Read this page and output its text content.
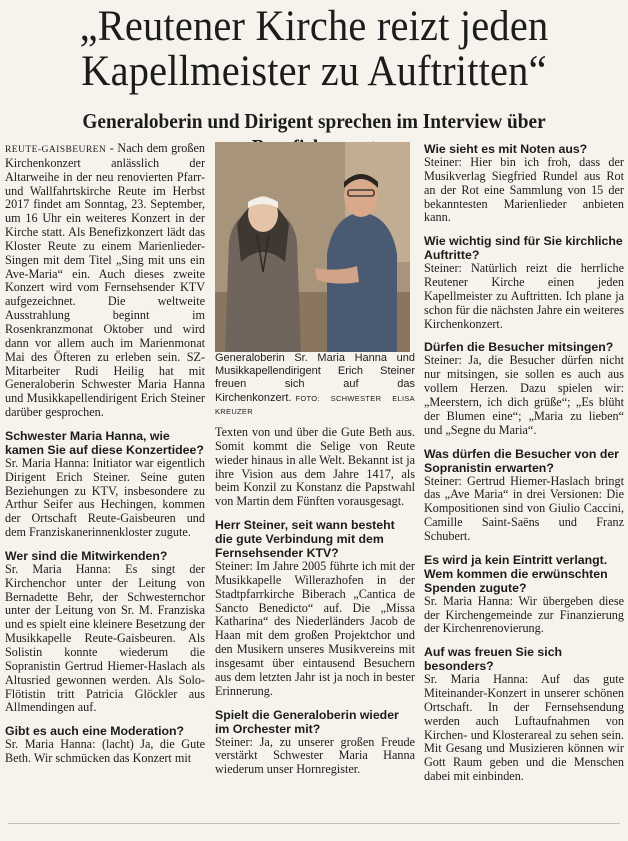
„Reutener Kirche reizt jeden
Kapellmeister zu Auftritten“
Generaloberin und Dirigent sprechen im Interview über

REUTE-GAISBEUREN - Nach dem großen Kirchenkonzert anlässlich der Altarweihe in der neu renovierten Pfarr- und Wallfahrtskirche Reute im Herbst 2017 findet am Sonntag, 23. September, um 16 Uhr ein weiteres Konzert in der Kirche statt. Als Benefizkonzert lädt das Kloster Reute zu einem Marienlieder-Singen mit dem Titel „Sing mit uns ein Ave-Maria“ ein. Auch dieses zweite Konzert wird vom Fernsehsender KTV aufgezeichnet. Die weltweite Ausstrahlung beginnt im Rosenkranzmonat Oktober und wird dann vor allem auch im Marienmonat Mai des Öfteren zu erleben sein. SZ-Mitarbeiter Rudi Heilig hat mit Generaloberin Schwester Maria Hanna und Musikkapellendirigent Erich Steiner darüber gesprochen.

Schwester Maria Hanna, wie kamen Sie auf diese Konzertidee?

Sr. Maria Hanna: Initiator war eigentlich Dirigent Erich Steiner. Seine guten Beziehungen zu KTV, insbesondere zu Arthur Seifer aus Hechingen, kommen der Ortschaft Reute-Gaisbeuren und dem Franziskanerinnenkloster zugute.

Wer sind die Mitwirkenden?

Sr. Maria Hanna: Es singt der Kirchenchor unter der Leitung von Bernadette Behr, der Schwesternchor unter der Leitung von Sr. M. Franziska und es spielt eine kleinere Besetzung der Musikkapelle Reute-Gaisbeuren. Als Solistin konnte wiederum die Sopranistin Gertrud Hiemer-Haslach als Altusried gewonnen werden. Als Solo-Flötistin tritt Patricia Glöckler aus Allmendingen auf.

Gibt es auch eine Moderation?

Sr. Maria Hanna: (lacht) Ja, die Gute Beth. Wir schmücken das Konzert mit

Generaloberin Sr. Maria Hanna und Musikkapellendirigent Erich Steiner freuen sich auf das Kirchenkonzert. FOTO: SCHWESTER ELISA KREUZER

Texten von und über die Gute Beth aus. Somit kommt die Selige von Reute wieder hinaus in alle Welt. Bekannt ist ja ihre Vision aus dem Jahre 1417, als beim Konzil zu Konstanz die Papstwahl von Martin dem Fünften vorausgesagt.

Herr Steiner, seit wann besteht die gute Verbindung mit dem Fernsehsender KTV?

Steiner: Im Jahre 2005 führte ich mit der Musikkapelle Willerazhofen in der Stadtpfarrkirche Biberach „Cantica de Sancto Benedicto“ auf. Die „Missa Katharina“ des Niederländers Jacob de Haan mit dem großen Projektchor und den Musikern unseres Musikvereins mit insgesamt über eintausend Besuchern aus dem letzten Jahr ist ja noch in bester Erinnerung.

Spielt die Generaloberin wieder im Orchester mit?

Steiner: Ja, zu unserer großen Freude verstärkt Schwester Maria Hanna wiederum unser Hornregister.

Wie sieht es mit Noten aus?

Steiner: Hier bin ich froh, dass der Musikverlag Siegfried Rundel aus Rot an der Rot eine Sammlung von 15 der bekanntesten Marienlieder anbieten kann.

Wie wichtig sind für Sie kirchliche Auftritte?

Steiner: Natürlich reizt die herrliche Reutener Kirche einen jeden Kapellmeister zu Auftritten. Ich plane ja schon für die nächsten Jahre ein weiteres Kirchenkonzert.

Dürfen die Besucher mitsingen?

Steiner: Ja, die Besucher dürfen nicht nur mitsingen, sie sollen es auch aus vollem Herzen. Dazu spielen wir: „Meerstern, ich dich grüße“; „Es blüht der Blumen eine“; „Maria zu lieben“ und „Segne du Maria“.

Was dürfen die Besucher von der Sopranistin erwarten?

Steiner: Gertrud Hiemer-Haslach bringt das „Ave Maria“ in drei Versionen: Die Kompositionen sind von Giulio Caccini, Camille Saint-Saëns und Franz Schubert.

Es wird ja kein Eintritt verlangt. Wem kommen die erwünschten Spenden zugute?

Sr. Maria Hanna: Wir übergeben diese der Kirchengemeinde zur Finanzierung der Kirchenrenovierung.

Auf was freuen Sie sich besonders?

Sr. Maria Hanna: Auf das gute Miteinander-Konzert in unserer schönen Ortschaft. In der Fernsehsendung werden auch Luftaufnahmen von Kirchen- und Klosterareal zu sehen sein. Mit Gesang und Musizieren können wir Gott Raum geben und die Menschen dabei mit einbinden.
